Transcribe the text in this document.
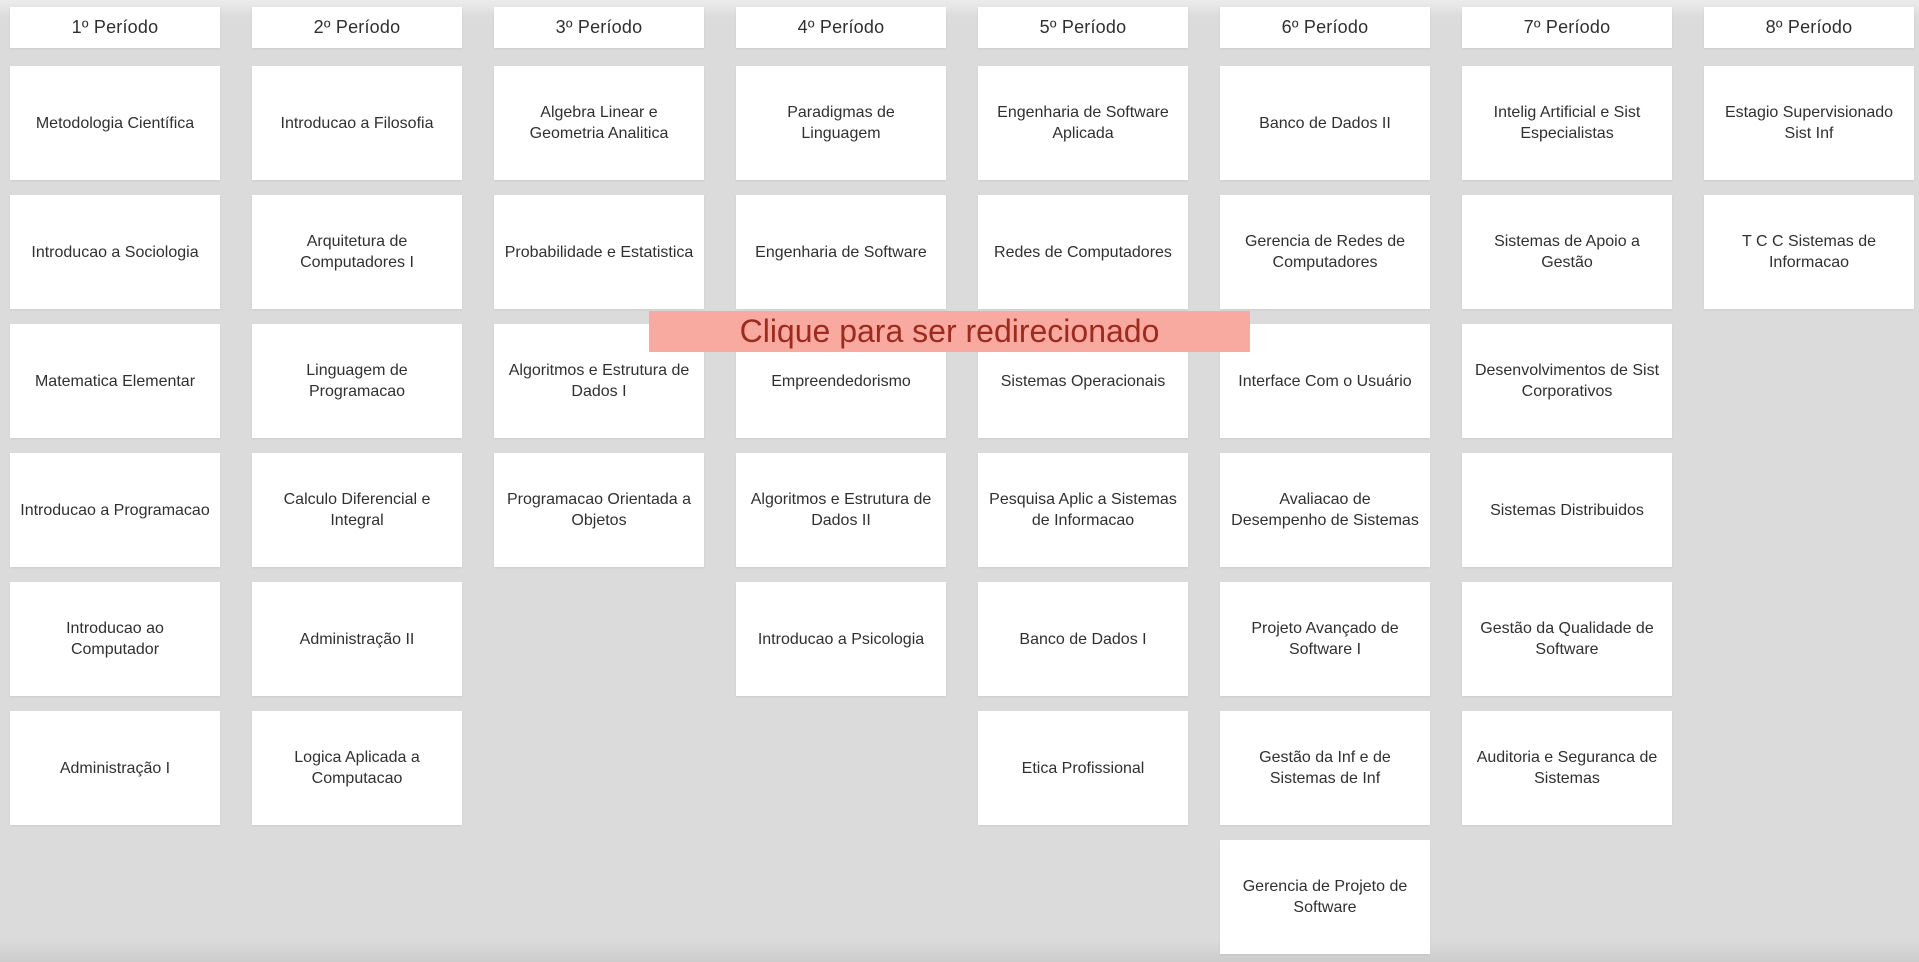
1º Período
Metodologia Científica
Introducao a Sociologia
Matematica Elementar
Introducao a Programacao
Introducao ao Computador
Administração I
2º Período
Introducao a Filosofia
Arquitetura de Computadores I
Linguagem de Programacao
Calculo Diferencial e Integral
Administração II
Logica Aplicada a Computacao
3º Período
Algebra Linear e Geometria Analitica
Probabilidade e Estatistica
Algoritmos e Estrutura de Dados I
Programacao Orientada a Objetos
4º Período
Paradigmas de Linguagem
Engenharia de Software
Empreendedorismo
Algoritmos e Estrutura de Dados II
Introducao a Psicologia
5º Período
Engenharia de Software Aplicada
Redes de Computadores
Sistemas Operacionais
Pesquisa Aplic a Sistemas de Informacao
Banco de Dados I
Etica Profissional
6º Período
Banco de Dados II
Gerencia de Redes de Computadores
Interface Com o Usuário
Avaliacao de Desempenho de Sistemas
Projeto Avançado de Software I
Gestão da Inf e de Sistemas de Inf
Gerencia de Projeto de Software
7º Período
Intelig Artificial e Sist Especialistas
Sistemas de Apoio a Gestão
Desenvolvimentos de Sist Corporativos
Sistemas Distribuidos
Gestão da Qualidade de Software
Auditoria e Seguranca de Sistemas
8º Período
Estagio Supervisionado Sist Inf
T C C Sistemas de Informacao
Clique para ser redirecionado
